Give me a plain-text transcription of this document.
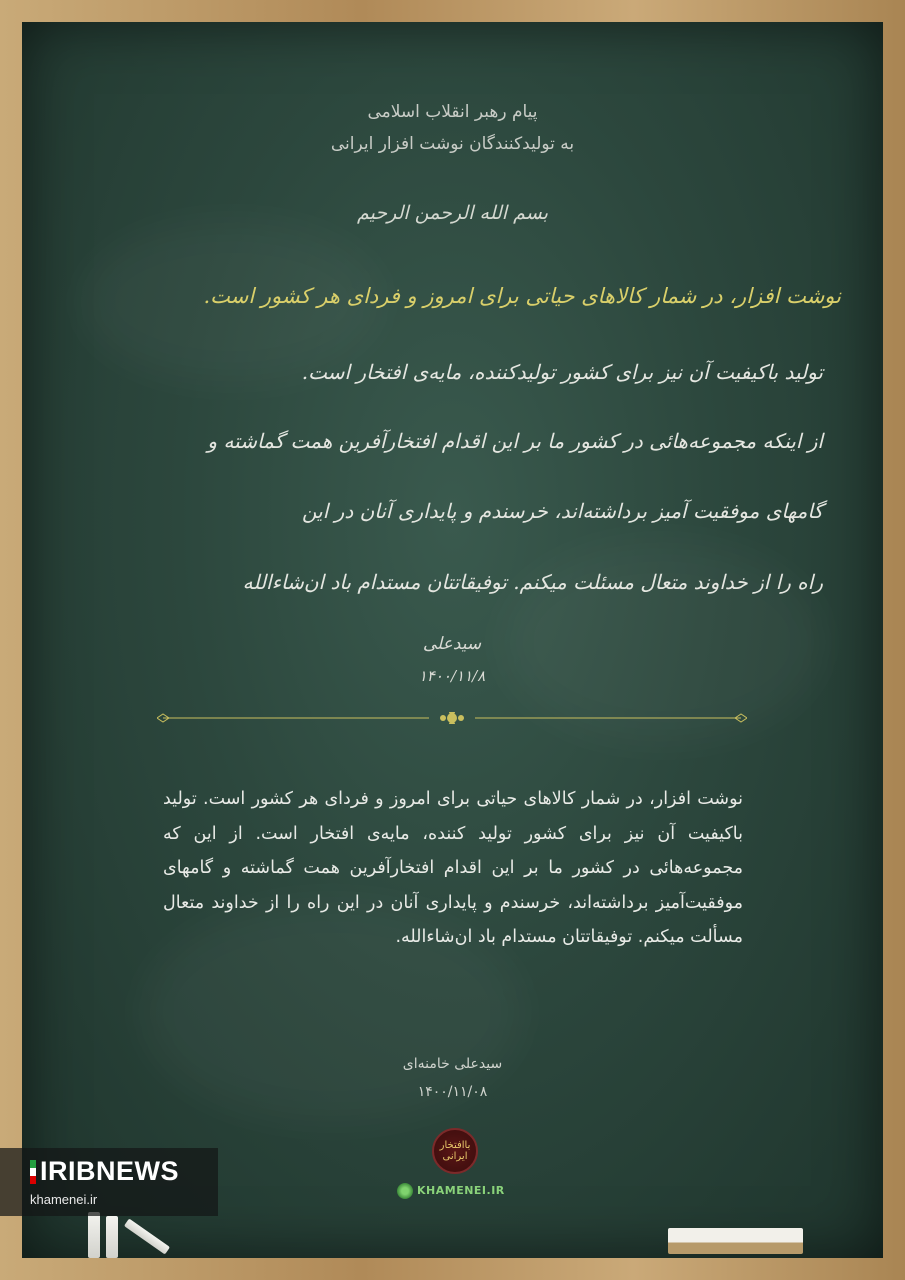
پیام رهبر انقلاب اسلامی
به تولیدکنندگان نوشت افزار ایرانی
بسم الله الرحمن الرحیم
نوشت افزار، در شمار کالاهای حیاتی برای امروز و فردای هر کشور است.
تولید باکیفیت آن نیز برای کشور تولیدکننده، مایه‌ی افتخار است.
از اینکه مجموعه‌هائی در کشور ما بر این اقدام افتخارآفرین همت گماشته و
گامهای موفقیت آمیز برداشته‌اند، خرسندم و پایداری آنان در این
راه را از خداوند متعال مسئلت میکنم. توفیقاتتان مستدام باد ان‌شاءالله
سیدعلی
۱۴۰۰/۱۱/۸
نوشت افزار، در شمار کالاهای حیاتی برای امروز و فردای هر کشور است. تولید باکیفیت آن نیز برای کشور تولید کننده، مایه‌ی افتخار است. از این که مجموعه‌هائی در کشور ما بر این اقدام افتخارآفرین همت گماشته و گامهای موفقیت‌آمیز برداشته‌اند، خرسندم و پایداری آنان در این راه را از خداوند متعال مسألت میکنم. توفیقاتتان مستدام باد ان‌شاءالله.
سیدعلی خامنه‌ای
۱۴۰۰/۱۱/۰۸
باافتخار ایرانی
KHAMENEI.IR
IRIBNEWS
khamenei.ir
